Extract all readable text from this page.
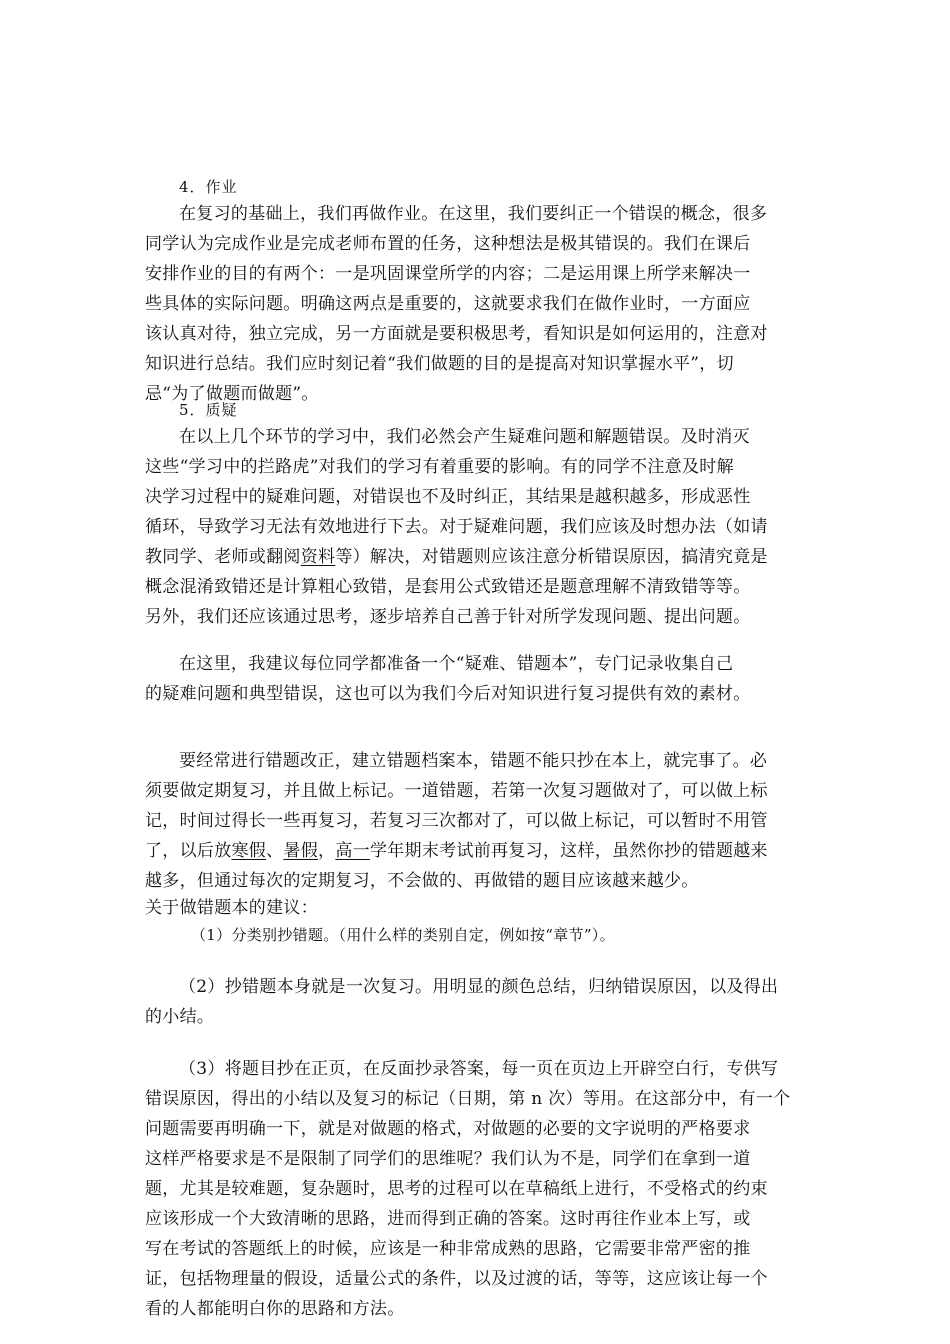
4．作业
在复习的基础上，我们再做作业。在这里，我们要纠正一个错误的概念，很多
同学认为完成作业是完成老师布置的任务，这种想法是极其错误的。我们在课后
安排作业的目的有两个：一是巩固课堂所学的内容；二是运用课上所学来解决一
些具体的实际问题。明确这两点是重要的，这就要求我们在做作业时，一方面应
该认真对待，独立完成，另一方面就是要积极思考，看知识是如何运用的，注意对
知识进行总结。我们应时刻记着“我们做题的目的是提高对知识掌握水平”，切
忌“为了做题而做题”。
5．质疑
在以上几个环节的学习中，我们必然会产生疑难问题和解题错误。及时消灭
这些“学习中的拦路虎”对我们的学习有着重要的影响。有的同学不注意及时解
决学习过程中的疑难问题，对错误也不及时纠正，其结果是越积越多，形成恶性
循环，导致学习无法有效地进行下去。对于疑难问题，我们应该及时想办法（如请
教同学、老师或翻阅资料等）解决，对错题则应该注意分析错误原因，搞清究竟是
概念混淆致错还是计算粗心致错，是套用公式致错还是题意理解不清致错等等。
另外，我们还应该通过思考，逐步培养自己善于针对所学发现问题、提出问题。
在这里，我建议每位同学都准备一个“疑难、错题本”，专门记录收集自己
的疑难问题和典型错误，这也可以为我们今后对知识进行复习提供有效的素材。
要经常进行错题改正，建立错题档案本，错题不能只抄在本上，就完事了。必
须要做定期复习，并且做上标记。一道错题，若第一次复习题做对了，可以做上标
记，时间过得长一些再复习，若复习三次都对了，可以做上标记，可以暂时不用管
了，以后放寒假、暑假，高一学年期末考试前再复习，这样，虽然你抄的错题越来
越多，但通过每次的定期复习，不会做的、再做错的题目应该越来越少。
关于做错题本的建议：
（1）分类别抄错题。（用什么样的类别自定，例如按“章节”）。
（2）抄错题本身就是一次复习。用明显的颜色总结，归纳错误原因，以及得出
的小结。
（3）将题目抄在正页，在反面抄录答案，每一页在页边上开辟空白行，专供写
错误原因，得出的小结以及复习的标记（日期，第 n 次）等用。在这部分中，有一个
问题需要再明确一下，就是对做题的格式，对做题的必要的文字说明的严格要求
这样严格要求是不是限制了同学们的思维呢？我们认为不是，同学们在拿到一道
题，尤其是较难题，复杂题时，思考的过程可以在草稿纸上进行，不受格式的约束
应该形成一个大致清晰的思路，进而得到正确的答案。这时再往作业本上写，或
写在考试的答题纸上的时候，应该是一种非常成熟的思路，它需要非常严密的推
证，包括物理量的假设，适量公式的条件，以及过渡的话，等等，这应该让每一个
看的人都能明白你的思路和方法。
